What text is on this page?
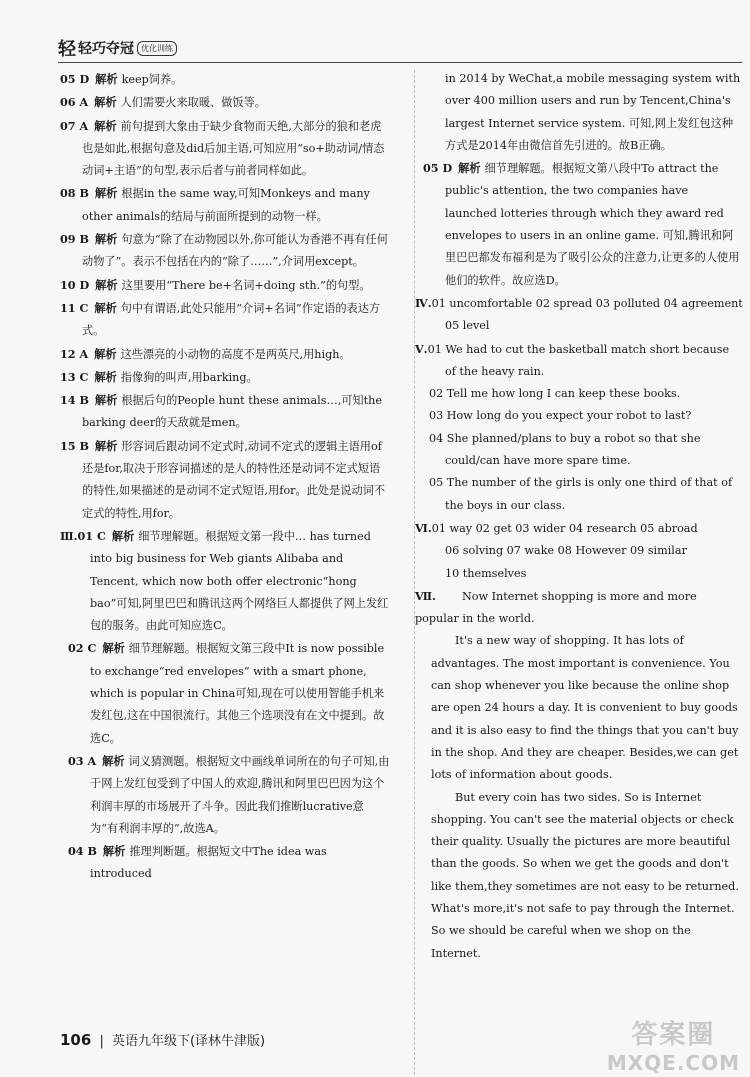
轻 轻巧夺冠 优化训练

05 D 解析 keep饲养。

06 A 解析 人们需要火来取暖、做饭等。

07 A 解析 前句提到大象由于缺少食物而天绝,大部分的狼和老虎也是如此,根据句意及did后加主语,可知应用“so+助动词/情态动词+主语”的句型,表示后者与前者同样如此。

08 B 解析 根据in the same way,可知Monkeys and many other animals的结局与前面所提到的动物一样。

09 B 解析 句意为“除了在动物园以外,你可能认为香港不再有任何动物了”。表示不包括在内的“除了……”,介词用except。

10 D 解析 这里要用“There be+名词+doing sth.”的句型。

11 C 解析 句中有谓语,此处只能用“介词+名词”作定语的表达方式。

12 A 解析 这些漂亮的小动物的高度不是两英尺,用high。

13 C 解析 指像狗的叫声,用barking。

14 B 解析 根据后句的People hunt these animals…,可知the barking deer的天敌就是men。

15 B 解析 形容词后跟动词不定式时,动词不定式的逻辑主语用of还是for,取决于形容词描述的是人的特性还是动词不定式短语的特性,如果描述的是动词不定式短语,用for。此处是说动词不定式的特性,用for。

Ⅲ.01 C 解析 细节理解题。根据短文第一段中… has turned into big business for Web giants Alibaba and Tencent, which now both offer electronic“hong bao”可知,阿里巴巴和腾讯这两个网络巨人都提供了网上发红包的服务。由此可知应选C。

02 C 解析 细节理解题。根据短文第三段中It is now possible to exchange“red envelopes” with a smart phone, which is popular in China可知,现在可以使用智能手机来发红包,这在中国很流行。其他三个选项没有在文中提到。故选C。

03 A 解析 词义猜测题。根据短文中画线单词所在的句子可知,由于网上发红包受到了中国人的欢迎,腾讯和阿里巴巴因为这个利润丰厚的市场展开了斗争。因此我们推断lucrative意为“有利润丰厚的”,故选A。

04 B 解析 推理判断题。根据短文中The idea was introduced

in 2014 by WeChat,a mobile messaging system with over 400 million users and run by Tencent,China's largest Internet service system. 可知,网上发红包这种方式是2014年由微信首先引进的。故B正确。

05 D 解析 细节理解题。根据短文第八段中To attract the public's attention, the two companies have launched lotteries through which they award red envelopes to users in an online game. 可知,腾讯和阿里巴巴都发布福利是为了吸引公众的注意力,让更多的人使用他们的软件。故应选D。

Ⅳ.01 uncomfortable 02 spread 03 polluted 04 agreement

05 level

Ⅴ.01 We had to cut the basketball match short because of the heavy rain.

02 Tell me how long I can keep these books.

03 How long do you expect your robot to last?

04 She planned/plans to buy a robot so that she could/can have more spare time.

05 The number of the girls is only one third of that of the boys in our class.

Ⅵ.01 way 02 get 03 wider 04 research 05 abroad

06 solving 07 wake 08 However 09 similar

10 themselves

Ⅶ. Now Internet shopping is more and more popular in the world.

It's a new way of shopping. It has lots of advantages. The most important is convenience. You can shop whenever you like because the online shop are open 24 hours a day. It is convenient to buy goods and it is also easy to find the things that you can't buy in the shop. And they are cheaper. Besides,we can get lots of information about goods.

But every coin has two sides. So is Internet shopping. You can't see the material objects or check their quality. Usually the pictures are more beautiful than the goods. So when we get the goods and don't like them,they sometimes are not easy to be returned. What's more,it's not safe to pay through the Internet. So we should be careful when we shop on the Internet.

106 | 英语九年级下(译林牛津版)	答案圈
MXQE.COM
